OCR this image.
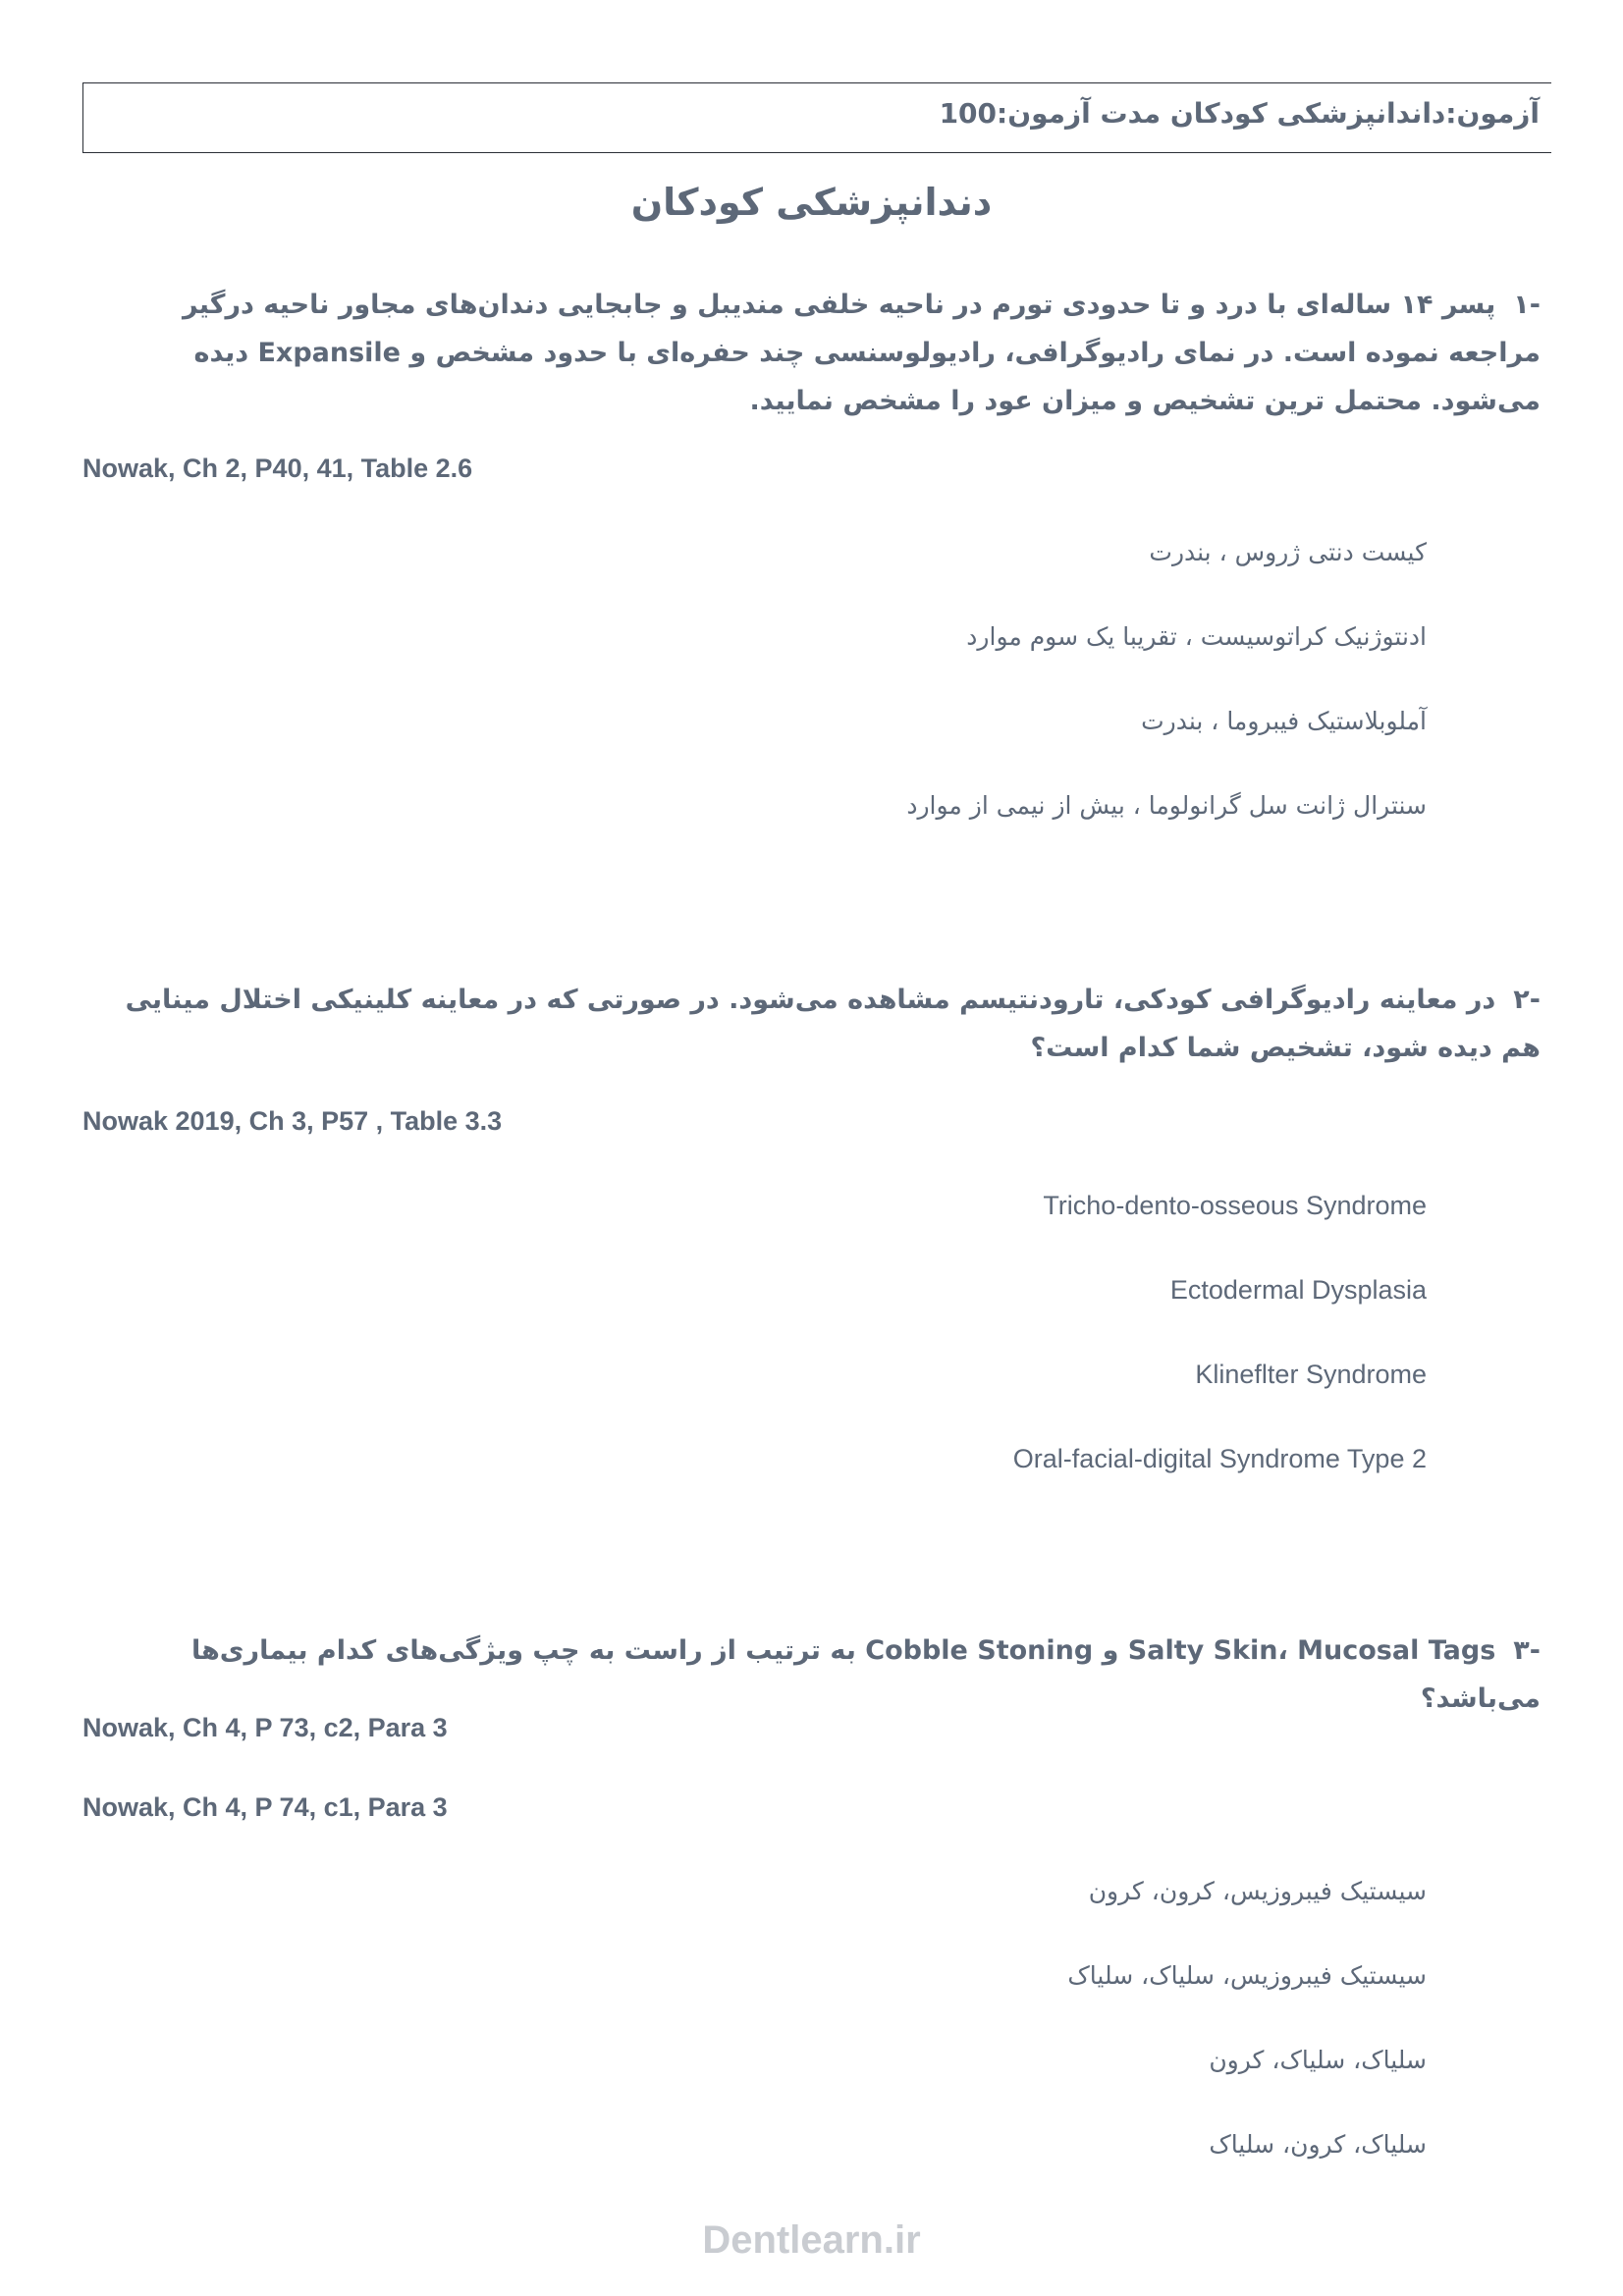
آزمون:داندانپزشکی کودکان مدت آزمون:100
دندانپزشکی کودکان
-۱پسر ۱۴ ساله‌ای با درد و تا حدودی تورم در ناحیه خلفی مندیبل و جابجایی دندان‌های مجاور ناحیه درگیر مراجعه نموده است. در نمای رادیوگرافی، رادیولوسنسی چند حفره‌ای با حدود مشخص و Expansile دیده می‌شود. محتمل ترین تشخیص و میزان عود را مشخص نمایید.
Nowak, Ch 2, P40, 41, Table 2.6
کیست دنتی ژروس ، بندرت
ادنتوژنیک کراتوسیست ، تقریبا یک سوم موارد
آملوبلاستیک فیبروما ، بندرت
سنترال ژانت سل گرانولوما ، بیش از نیمی از موارد
-۲در معاینه رادیوگرافی کودکی، تارودنتیسم مشاهده می‌شود. در صورتی که در معاینه کلینیکی اختلال مینایی هم دیده شود، تشخیص شما کدام است؟
Nowak 2019, Ch 3, P57 , Table 3.3
Tricho-dento-osseous Syndrome
Ectodermal Dysplasia
Klineflter Syndrome
Oral-facial-digital Syndrome Type 2
-۳Salty Skin، Mucosal Tags و Cobble Stoning به ترتیب از راست به چپ ویژگی‌های کدام بیماری‌ها می‌باشد؟
Nowak, Ch 4, P 73, c2, Para 3
Nowak, Ch 4, P 74, c1, Para 3
سیستیک فیبروزیس، کرون، کرون
سیستیک فیبروزیس، سلیاک، سلیاک
سلیاک، سلیاک، کرون
سلیاک، کرون، سلیاک
Dentlearn.ir
